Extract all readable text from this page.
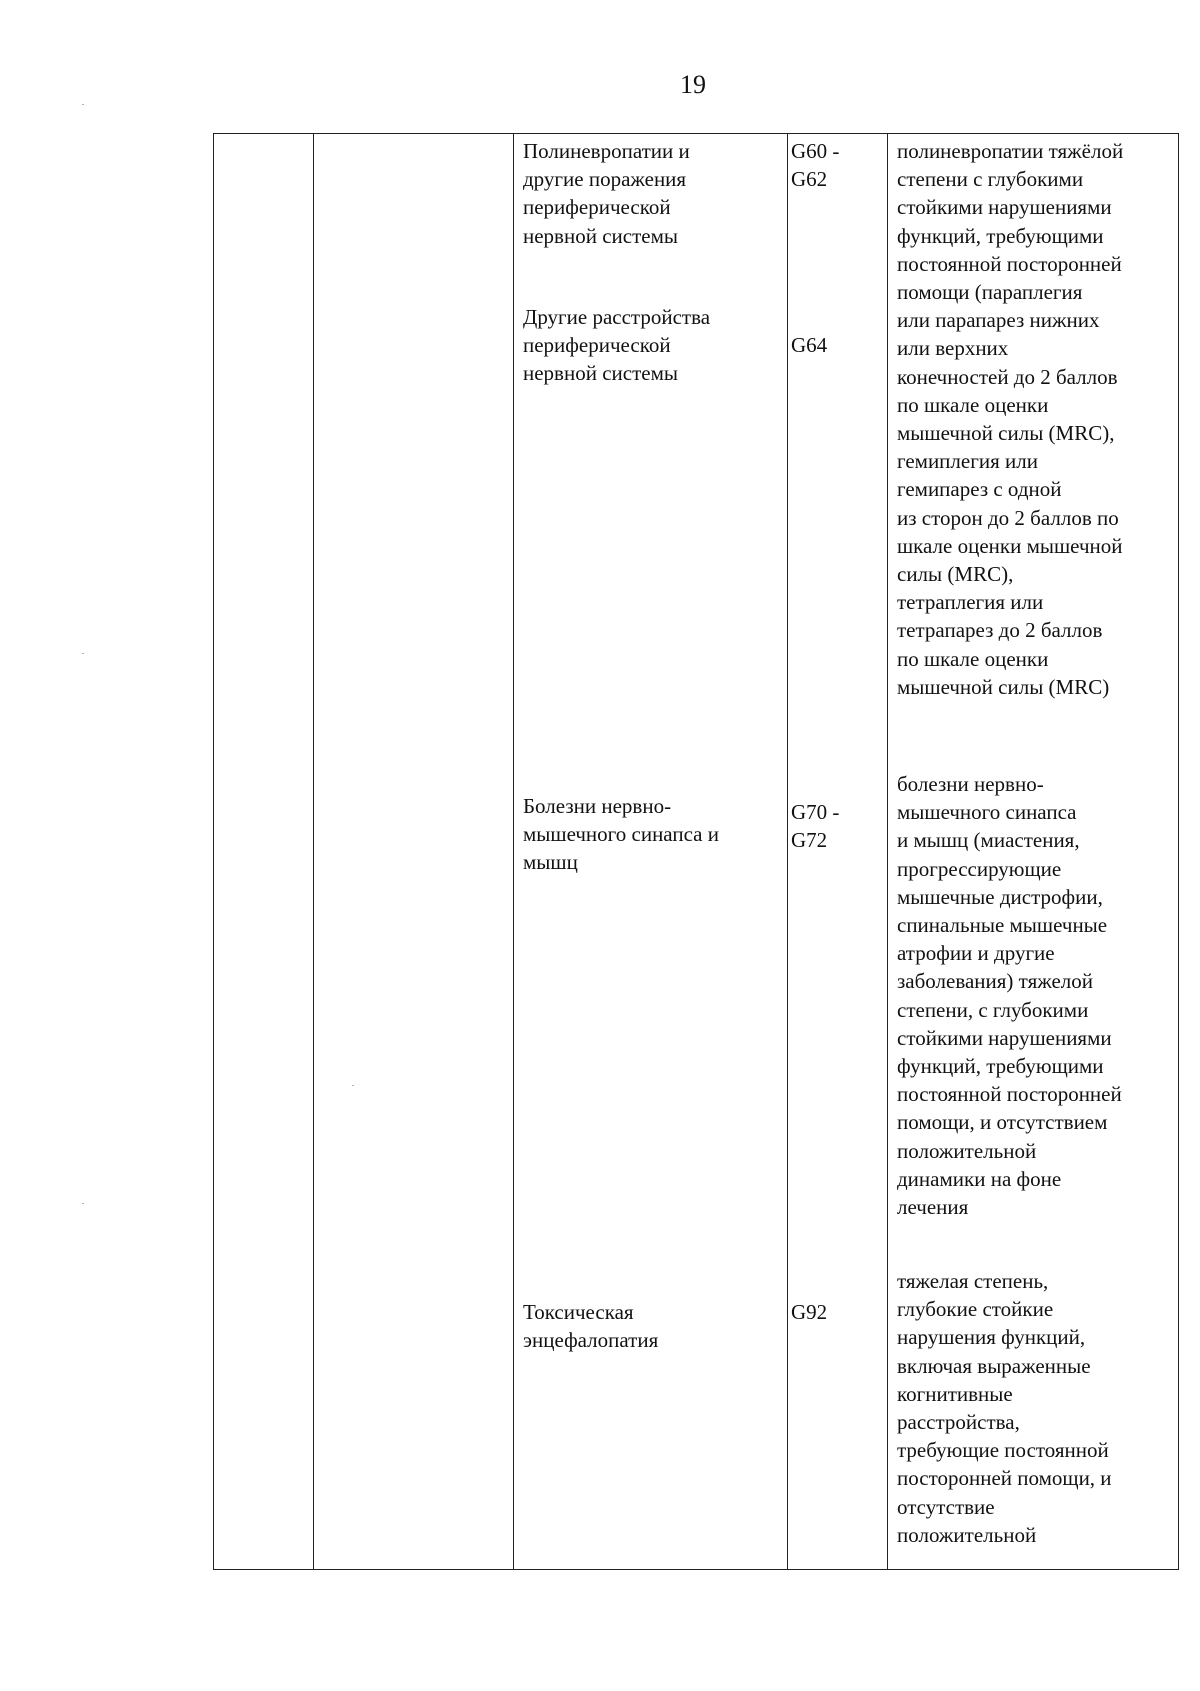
19

Полиневропатии и
другие поражения
периферической
нервной системы

G60 -
G62

полиневропатии тяжёлой
степени с глубокими
стойкими нарушениями
функций, требующими
постоянной посторонней
помощи (параплегия
или парапарез нижних
или верхних
конечностей до 2 баллов
по шкале оценки
мышечной силы (MRC),
гемиплегия или
гемипарез с одной
из сторон до 2 баллов по
шкале оценки мышечной
силы (MRC),
тетраплегия или
тетрапарез до 2 баллов
по шкале оценки
мышечной силы (MRC)

Другие расстройства
периферической
нервной системы

G64

Болезни нервно-
мышечного синапса и
мышц

G70 -
G72

болезни нервно-
мышечного синапса
и мышц (миастения,
прогрессирующие
мышечные дистрофии,
спинальные мышечные
атрофии и другие
заболевания) тяжелой
степени, с глубокими
стойкими нарушениями
функций, требующими
постоянной посторонней
помощи, и отсутствием
положительной
динамики на фоне
лечения

Токсическая
энцефалопатия

G92

тяжелая степень,
глубокие стойкие
нарушения функций,
включая выраженные
когнитивные
расстройства,
требующие постоянной
посторонней помощи, и
отсутствие
положительной
